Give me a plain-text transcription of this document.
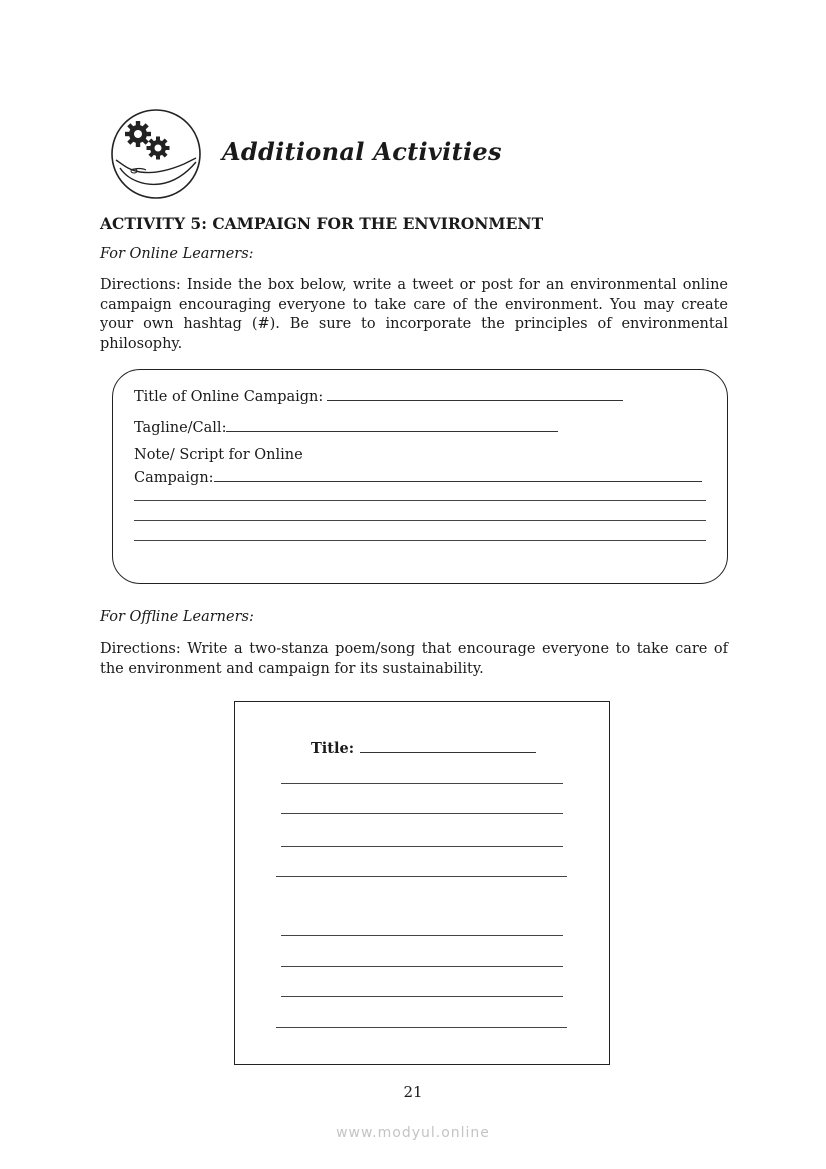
Additional Activities
ACTIVITY 5: CAMPAIGN FOR THE ENVIRONMENT
For Online Learners:
Directions: Inside the box below, write a tweet or post for an environmental online campaign encouraging everyone to take care of the environment. You may create your own hashtag (#). Be sure to incorporate the principles of environmental philosophy.
Title of Online Campaign:
Tagline/Call:
Note/ Script for Online
Campaign:
For Offline Learners:
Directions: Write a two-stanza poem/song that encourage everyone to take care of the environment and campaign for its sustainability.
Title:
21
www.modyul.online
